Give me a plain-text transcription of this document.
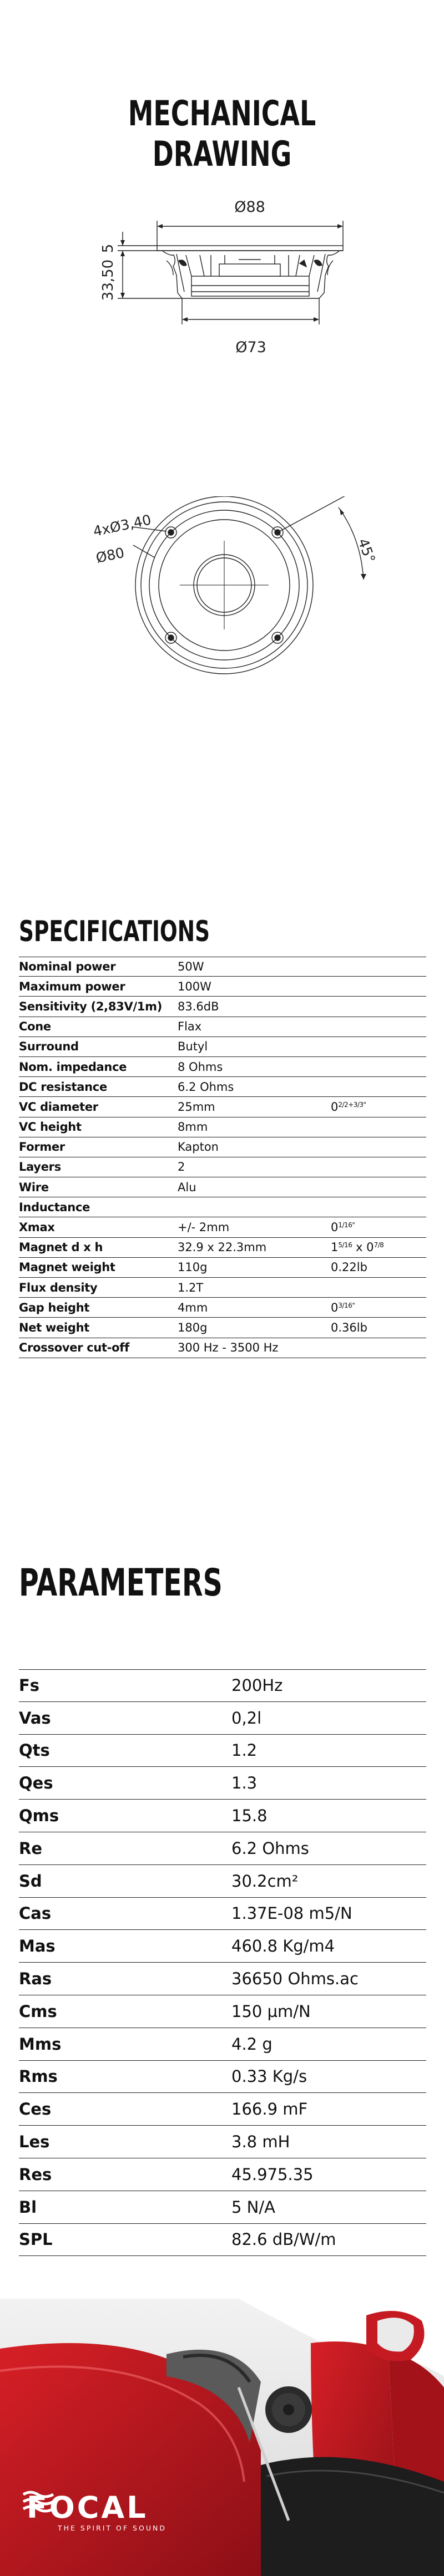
MECHANICAL DRAWING
Ø88
5
33,50
Ø73
4xØ3,40
Ø80	45°
SPECIFICATIONS
Nominal power	50W
Maximum power	100W
Sensitivity (2,83V/1m)	83.6dB
Cone	Flax
Surround	Butyl
Nom. impedance	8 Ohms
DC resistance	6.2 Ohms
VC diameter	25mm	$0^{2/2+3/3"}$
VC height	8mm
Former	Kapton
Layers	2
Wire	Alu
Inductance
Xmax	+/- 2mm	$0^{1/16"}$
Magnet d x h	32.9 x 22.3mm	$1^{5/16}$ x $0^{7/8}$
Magnet weight	110g	0.22lb
Flux density	1.2T
Gap height	4mm	$0^{3/16"}$
Net weight	180g	0.36lb
Crossover cut-off	300 Hz - 3500 Hz
PARAMETERS
Fs	200Hz
Vas	0,2l
Qts	1.2
Qes	1.3
Qms	15.8
Re	6.2 Ohms
Sd	30.2cm²
Cas	1.37E-08 m5/N
Mas	460.8 Kg/m4
Ras	36650 Ohms.ac
Cms	150 µm/N
Mms	4.2 g
Rms	0.33 Kg/s
Ces	166.9 mF
Les	3.8 mH
Res	45.975.35
Bl	5 N/A
SPL	82.6 dB/W/m
FOCAL
THE SPIRIT OF SOUND
